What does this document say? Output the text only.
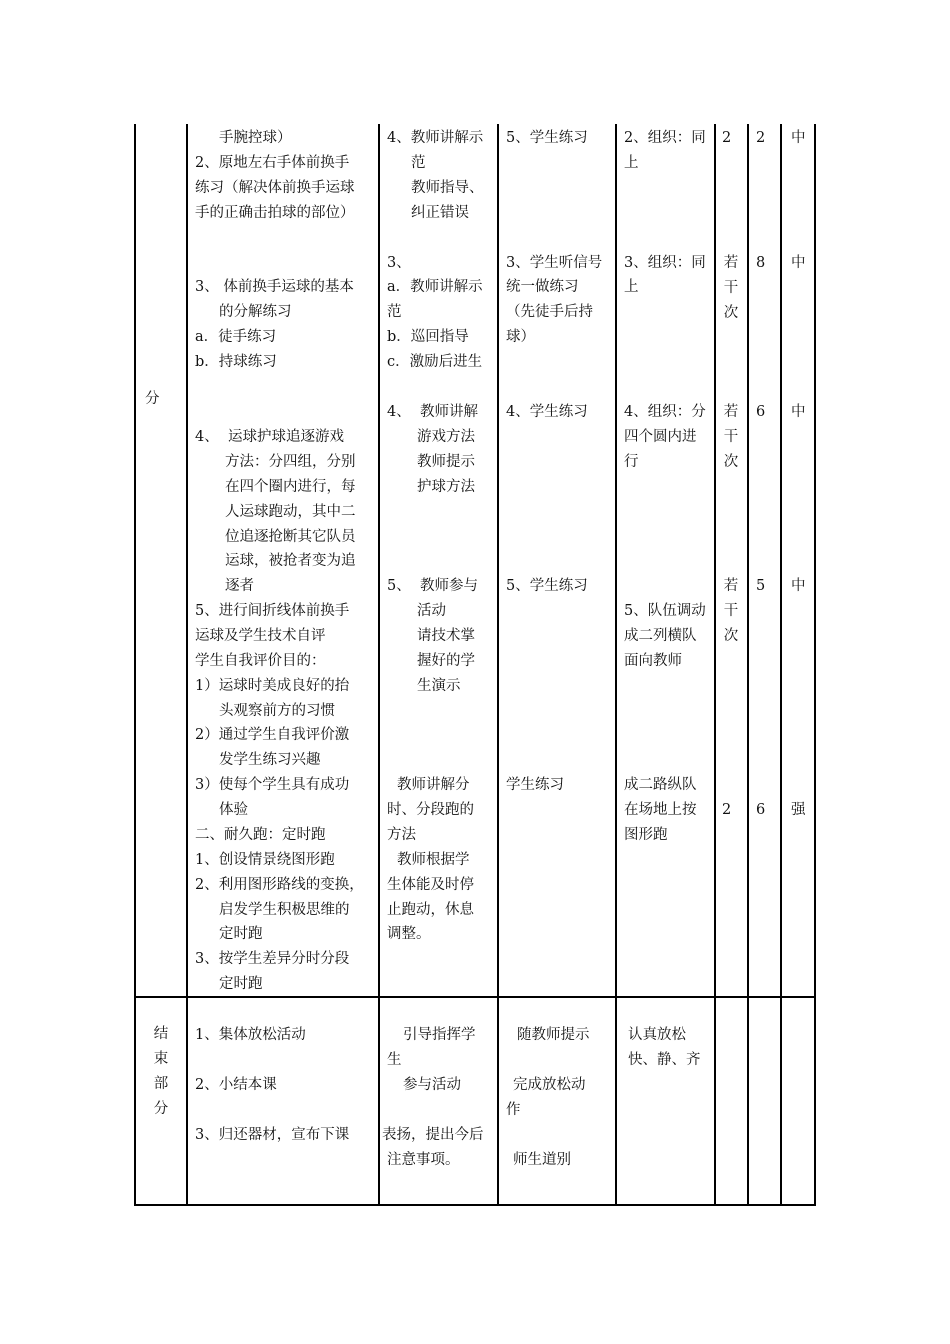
分
结束部分
手腕控球）
2、原地左右手体前换手
练习（解决体前换手运球
手的正确击拍球的部位）
3、 体前换手运球的基本
的分解练习
a．徒手练习
b．持球练习
4、  运球护球追逐游戏
方法：分四组，分别
在四个圈内进行，每
人运球跑动，其中二
位追逐抢断其它队员
运球，被抢者变为追
逐者
5、进行间折线体前换手
运球及学生技术自评
学生自我评价目的：
1）运球时美成良好的抬
头观察前方的习惯
2）通过学生自我评价激
发学生练习兴趣
3）使每个学生具有成功
体验
二、耐久跑：定时跑
1、创设情景绕图形跑
2、利用图形路线的变换，
启发学生积极思维的
定时跑
3、按学生差异分时分段
定时跑
4、教师讲解示
范
教师指导、
纠正错误
3、
a．教师讲解示
范
b．巡回指导
c．激励后进生
4、  教师讲解
游戏方法
教师提示
护球方法
5、  教师参与
活动
请技术掌
握好的学
生演示
教师讲解分
时、分段跑的
方法
教师根据学
生体能及时停
止跑动，休息
调整。
5、学生练习
3、学生听信号
统一做练习
（先徒手后持
球）
4、学生练习
5、学生练习
学生练习
2、组织：同
上
3、组织：同
上
4、组织：分
四个圆内进
行
5、队伍调动
成二列横队
面向教师
成二路纵队
在场地上按
图形跑
2
若干次
若干次
若干次
2
2
8
6
5
6
中
中
中
中
强
1、集体放松活动
2、小结本课
3、归还器材，宣布下课
引导指挥学
生
参与活动
表扬，提出今后
注意事项。
随教师提示
完成放松动
作
师生道别
认真放松
快、静、齐
